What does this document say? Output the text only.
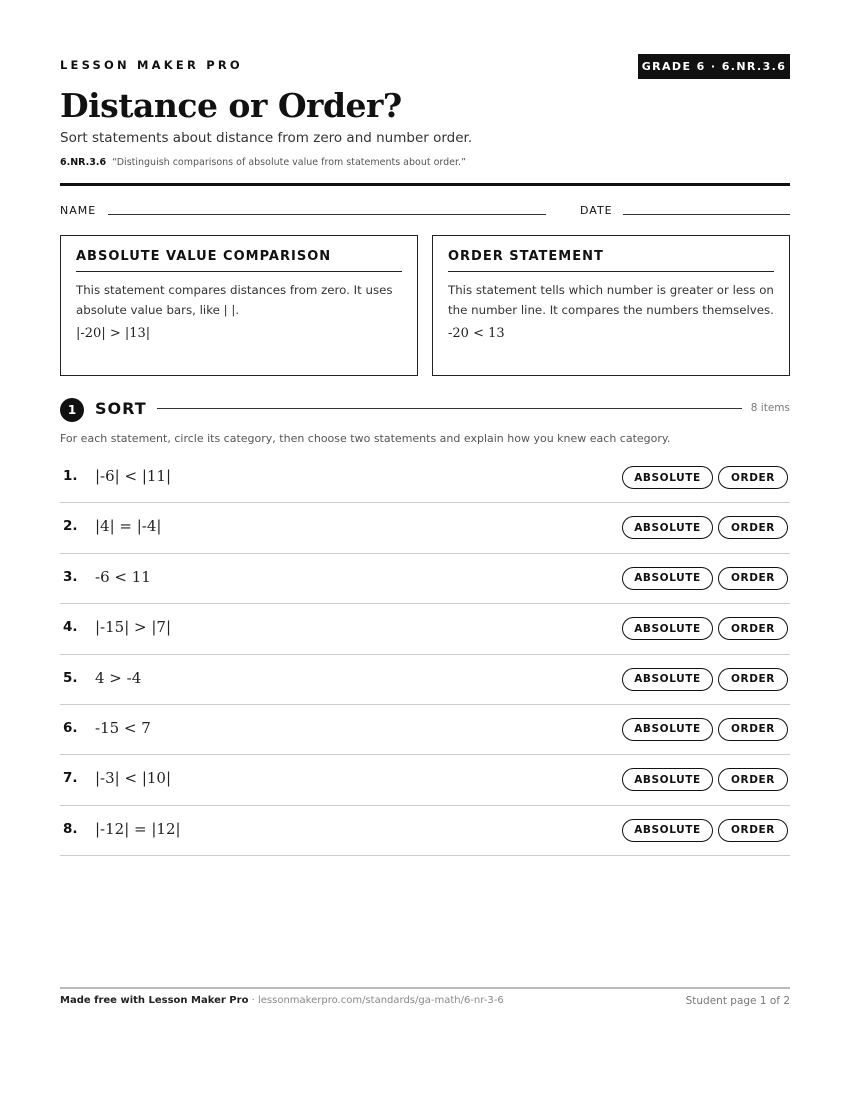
LESSON MAKER PRO	GRADE 6 · 6.NR.3.6
Distance or Order?
Sort statements about distance from zero and number order.
6.NR.3.6 “Distinguish comparisons of absolute value from statements about order.”
NAME	DATE
ABSOLUTE VALUE COMPARISON
This statement compares distances from zero. It uses absolute value bars, like | |.
|-20| > |13|
ORDER STATEMENT
This statement tells which number is greater or less on the number line. It compares the numbers themselves.
-20 < 13
1	SORT	8 items
For each statement, circle its category, then choose two statements and explain how you knew each category.
1. |-6| < |11|	ABSOLUTE	ORDER
2. |4| = |-4|	ABSOLUTE	ORDER
3. -6 < 11	ABSOLUTE	ORDER
4. |-15| > |7|	ABSOLUTE	ORDER
5. 4 > -4	ABSOLUTE	ORDER
6. -15 < 7	ABSOLUTE	ORDER
7. |-3| < |10|	ABSOLUTE	ORDER
8. |-12| = |12|	ABSOLUTE	ORDER
Made free with Lesson Maker Pro · lessonmakerpro.com/standards/ga-math/6-nr-3-6	Student page 1 of 2
